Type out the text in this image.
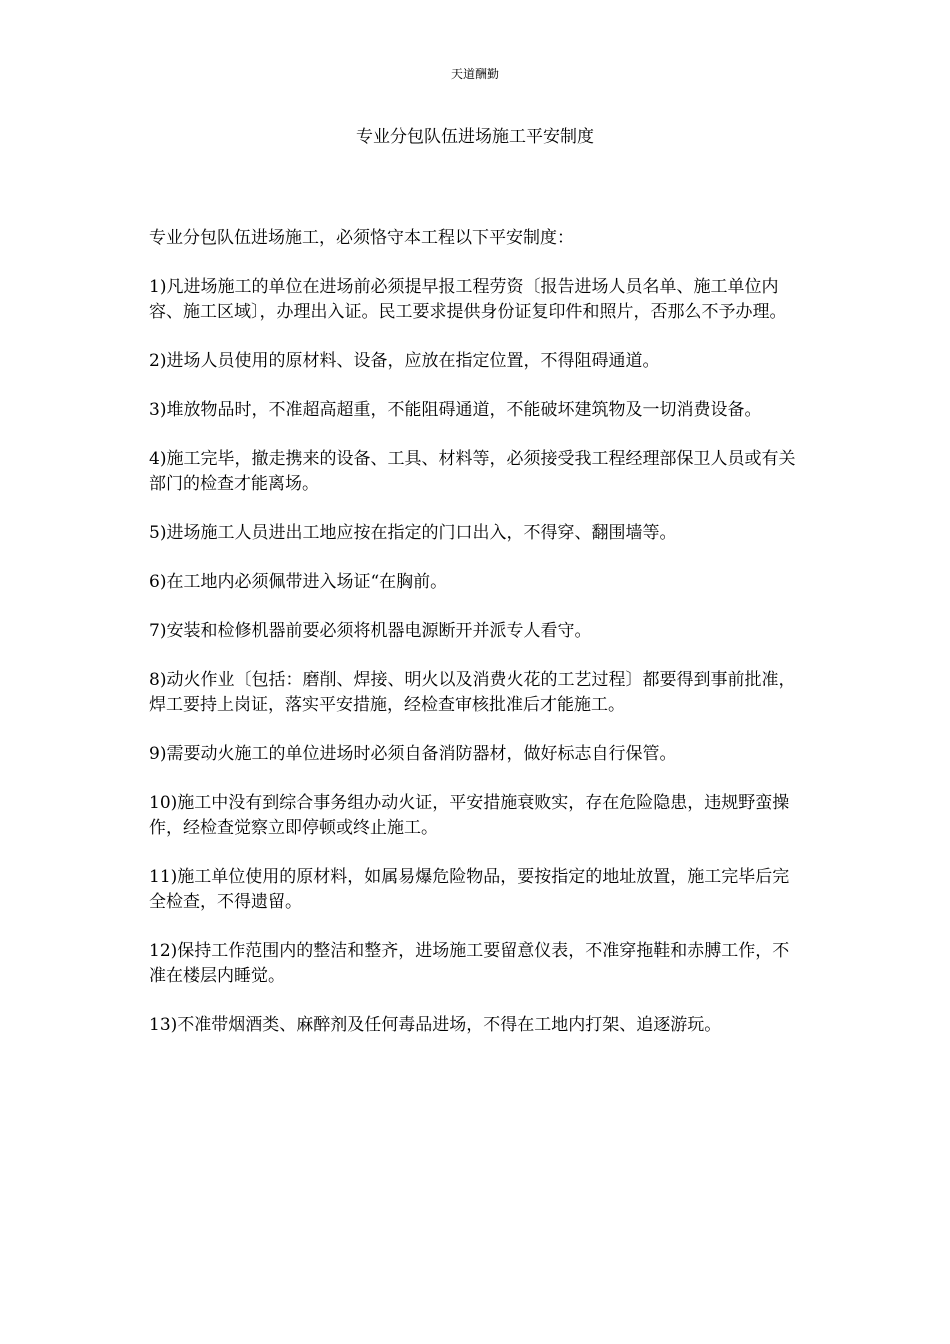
天道酬勤
专业分包队伍进场施工平安制度

专业分包队伍进场施工，必须恪守本工程以下平安制度：

1)凡进场施工的单位在进场前必须提早报工程劳资〔报告进场人员名单、施工单位内容、施工区域〕，办理出入证。民工要求提供身份证复印件和照片，否那么不予办理。

2)进场人员使用的原材料、设备，应放在指定位置，不得阻碍通道。

3)堆放物品时，不准超高超重，不能阻碍通道，不能破坏建筑物及一切消费设备。

4)施工完毕，撤走携来的设备、工具、材料等，必须接受我工程经理部保卫人员或有关部门的检查才能离场。

5)进场施工人员进出工地应按在指定的门口出入，不得穿、翻围墙等。

6)在工地内必须佩带进入场证“在胸前。

7)安装和检修机器前要必须将机器电源断开并派专人看守。

8)动火作业〔包括：磨削、焊接、明火以及消费火花的工艺过程〕都要得到事前批准，焊工要持上岗证，落实平安措施，经检查审核批准后才能施工。

9)需要动火施工的单位进场时必须自备消防器材，做好标志自行保管。

10)施工中没有到综合事务组办动火证，平安措施衰败实，存在危险隐患，违规野蛮操作，经检查觉察立即停顿或终止施工。

11)施工单位使用的原材料，如属易爆危险物品，要按指定的地址放置，施工完毕后完全检查，不得遗留。

12)保持工作范围内的整洁和整齐，进场施工要留意仪表，不准穿拖鞋和赤膊工作，不准在楼层内睡觉。

13)不准带烟酒类、麻醉剂及任何毒品进场，不得在工地内打架、追逐游玩。
